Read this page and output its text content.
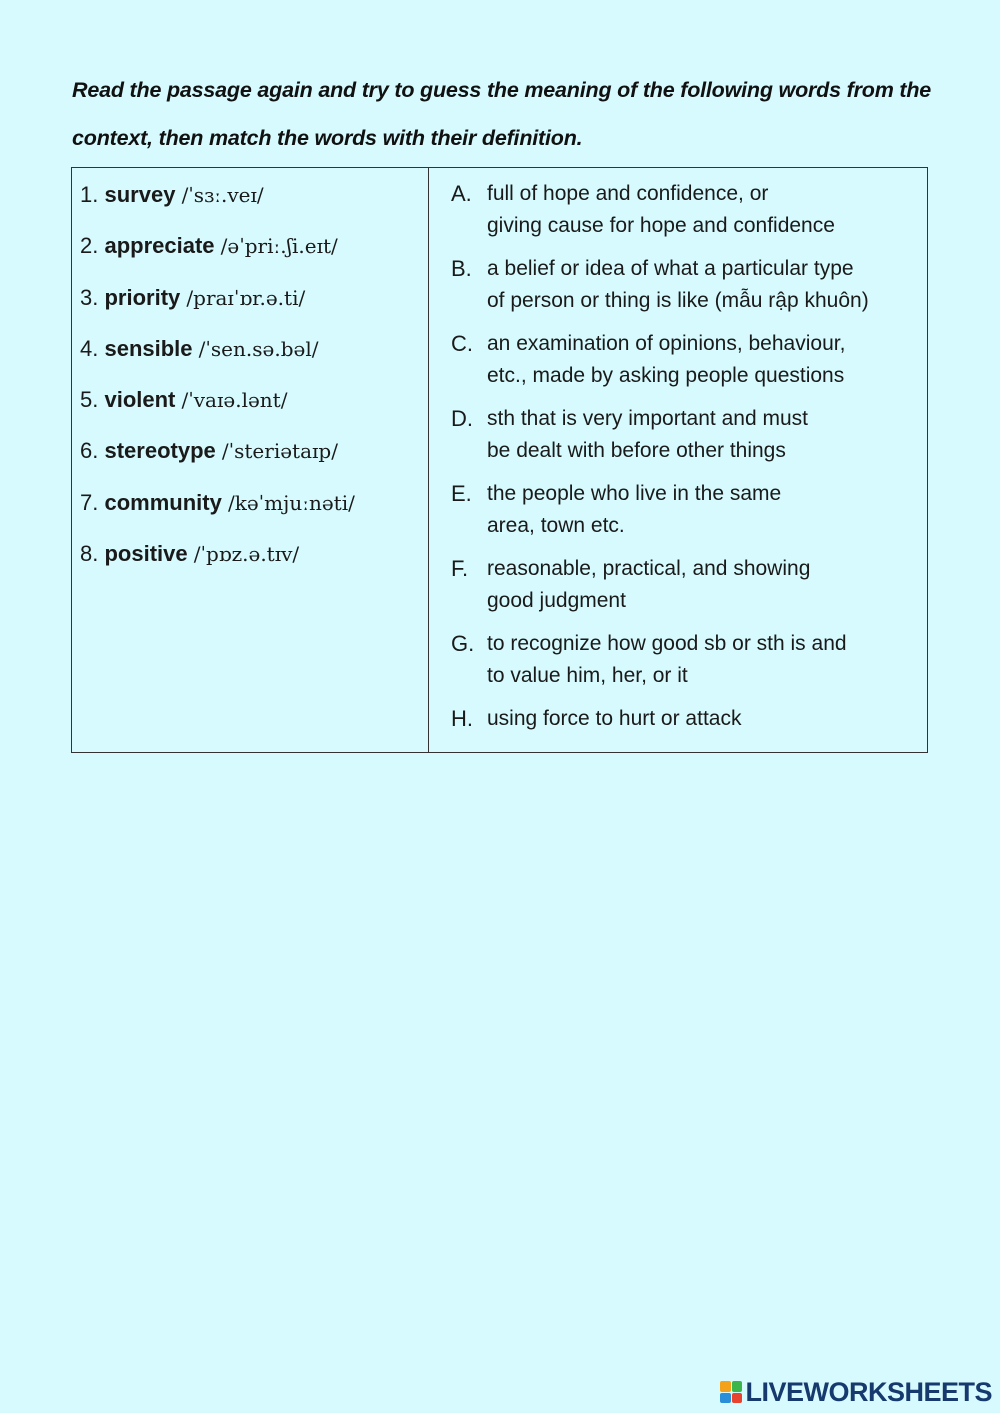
Read the passage again and try to guess the meaning of the following words from the context, then match the words with their definition.
1. survey /ˈsɜː.veɪ/
2. appreciate /əˈpriː.ʃi.eɪt/
3. priority /praɪˈɒr.ə.ti/
4. sensible /ˈsen.sə.bəl/
5. violent /ˈvaɪə.lənt/
6. stereotype /ˈsteriətaɪp/
7. community /kəˈmjuːnəti/
8. positive /ˈpɒz.ə.tɪv/
A. full of hope and confidence, or
giving cause for hope and confidence
B. a belief or idea of what a particular type
of person or thing is like (mẫu rập khuôn)
C. an examination of opinions, behaviour,
etc., made by asking people questions
D. sth that is very important and must
be dealt with before other things
E. the people who live in the same
area, town etc.
F. reasonable, practical, and showing
good judgment
G. to recognize how good sb or sth is and
to value him, her, or it
H. using force to hurt or attack
LIVEWORKSHEETS
